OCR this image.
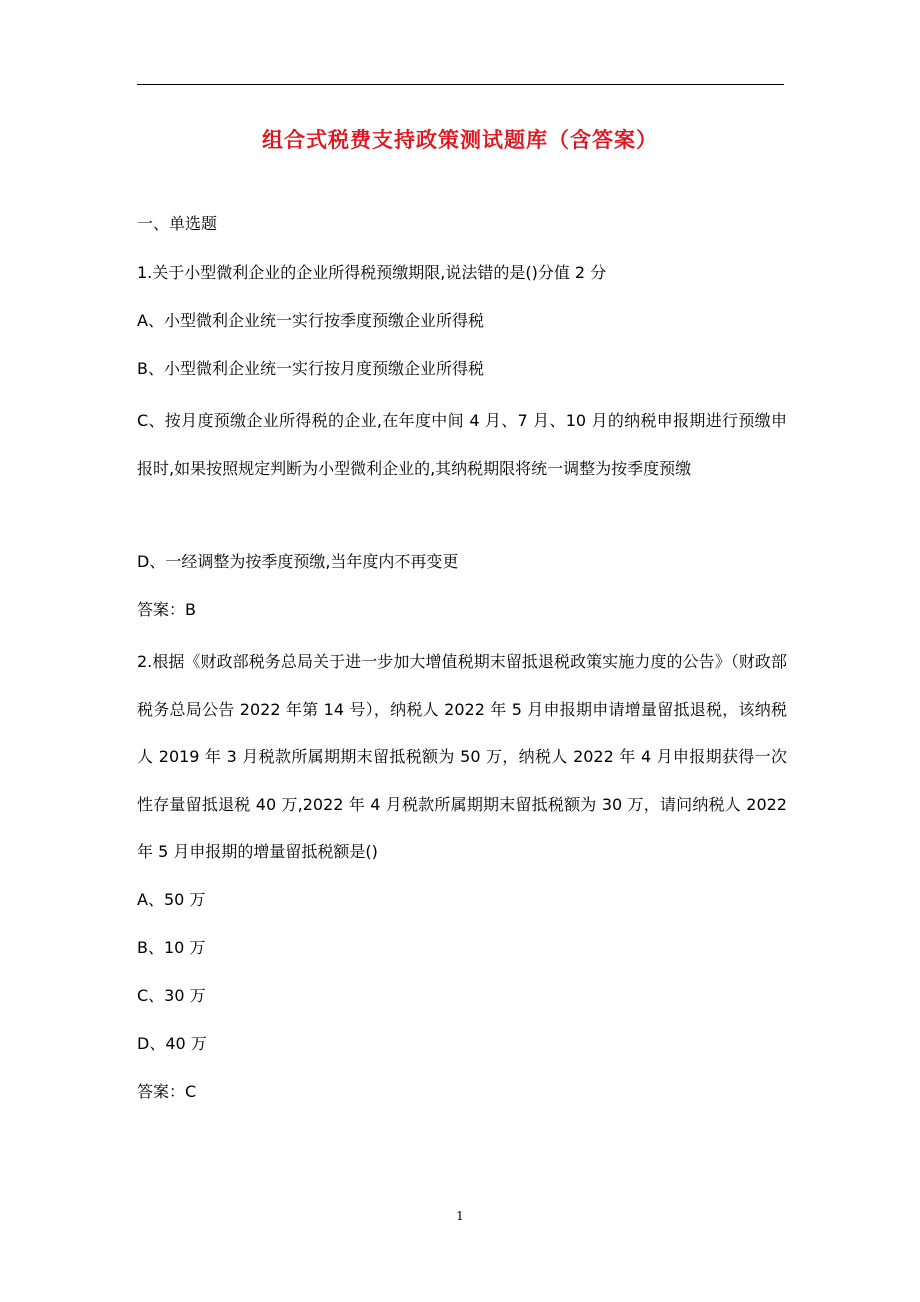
组合式税费支持政策测试题库（含答案）
一、单选题
1.关于小型微利企业的企业所得税预缴期限,说法错的是()分值 2 分
A、小型微利企业统一实行按季度预缴企业所得税
B、小型微利企业统一实行按月度预缴企业所得税
C、按月度预缴企业所得税的企业,在年度中间 4 月、7 月、10 月的纳税申报期进行预缴申报时,如果按照规定判断为小型微利企业的,其纳税期限将统一调整为按季度预缴
D、一经调整为按季度预缴,当年度内不再变更
答案：B
2.根据《财政部税务总局关于进一步加大增值税期末留抵退税政策实施力度的公告》（财政部税务总局公告 2022 年第 14 号），纳税人 2022 年 5 月申报期申请增量留抵退税，该纳税人 2019 年 3 月税款所属期期末留抵税额为 50 万，纳税人 2022 年 4 月申报期获得一次性存量留抵退税 40 万,2022 年 4 月税款所属期期末留抵税额为 30 万，请问纳税人 2022 年 5 月申报期的增量留抵税额是()
A、50 万
B、10 万
C、30 万
D、40 万
答案：C
1
